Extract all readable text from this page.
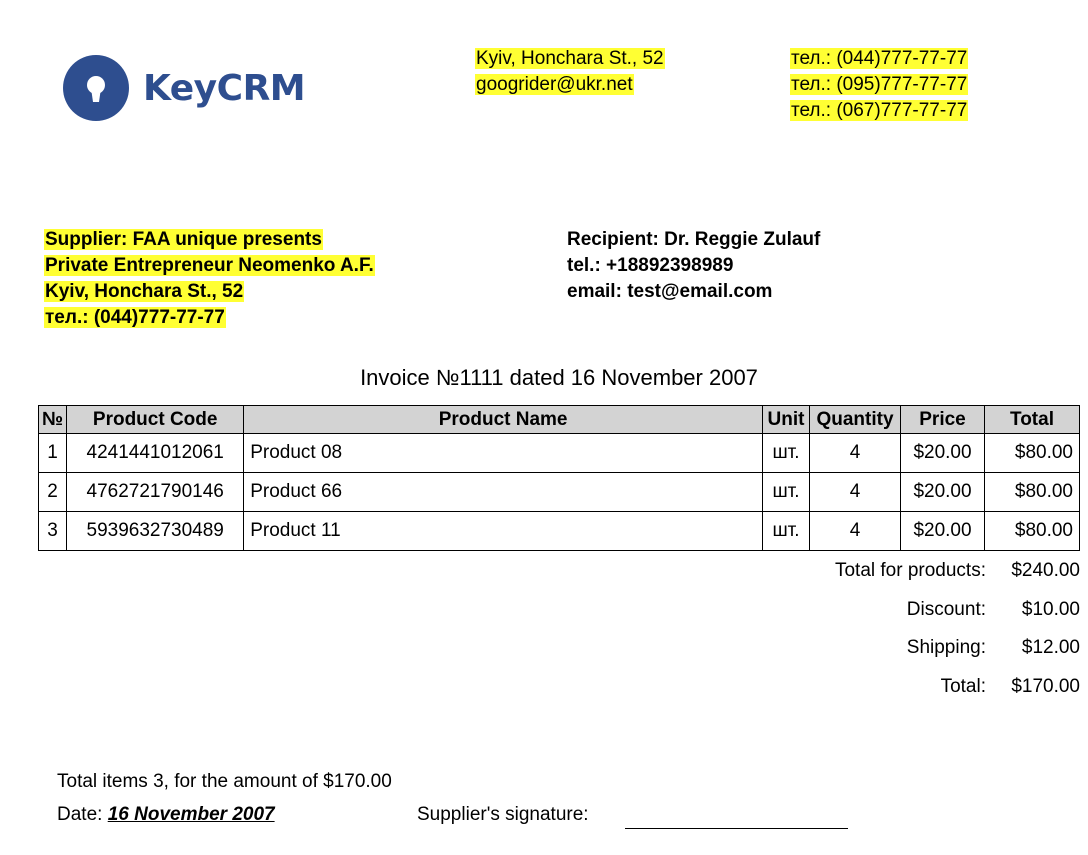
KeyCRM
Kyiv, Honchara St., 52
googrider@ukr.net
тел.: (044)777-77-77
тел.: (095)777-77-77
тел.: (067)777-77-77
Supplier: FAA unique presents
Private Entrepreneur Neomenko A.F.
Kyiv, Honchara St., 52
тел.: (044)777-77-77
Recipient: Dr. Reggie Zulauf
tel.: +18892398989
email: test@email.com
Invoice №1111 dated 16 November 2007
№	Product Code	Product Name	Unit	Quantity	Price	Total
1	4241441012061	Product 08	шт.	4	$20.00	$80.00
2	4762721790146	Product 66	шт.	4	$20.00	$80.00
3	5939632730489	Product 11	шт.	4	$20.00	$80.00
Total for products:	$240.00
Discount:	$10.00
Shipping:	$12.00
Total:	$170.00
Total items 3, for the amount of $170.00
Date: 16 November 2007	Supplier's signature:
